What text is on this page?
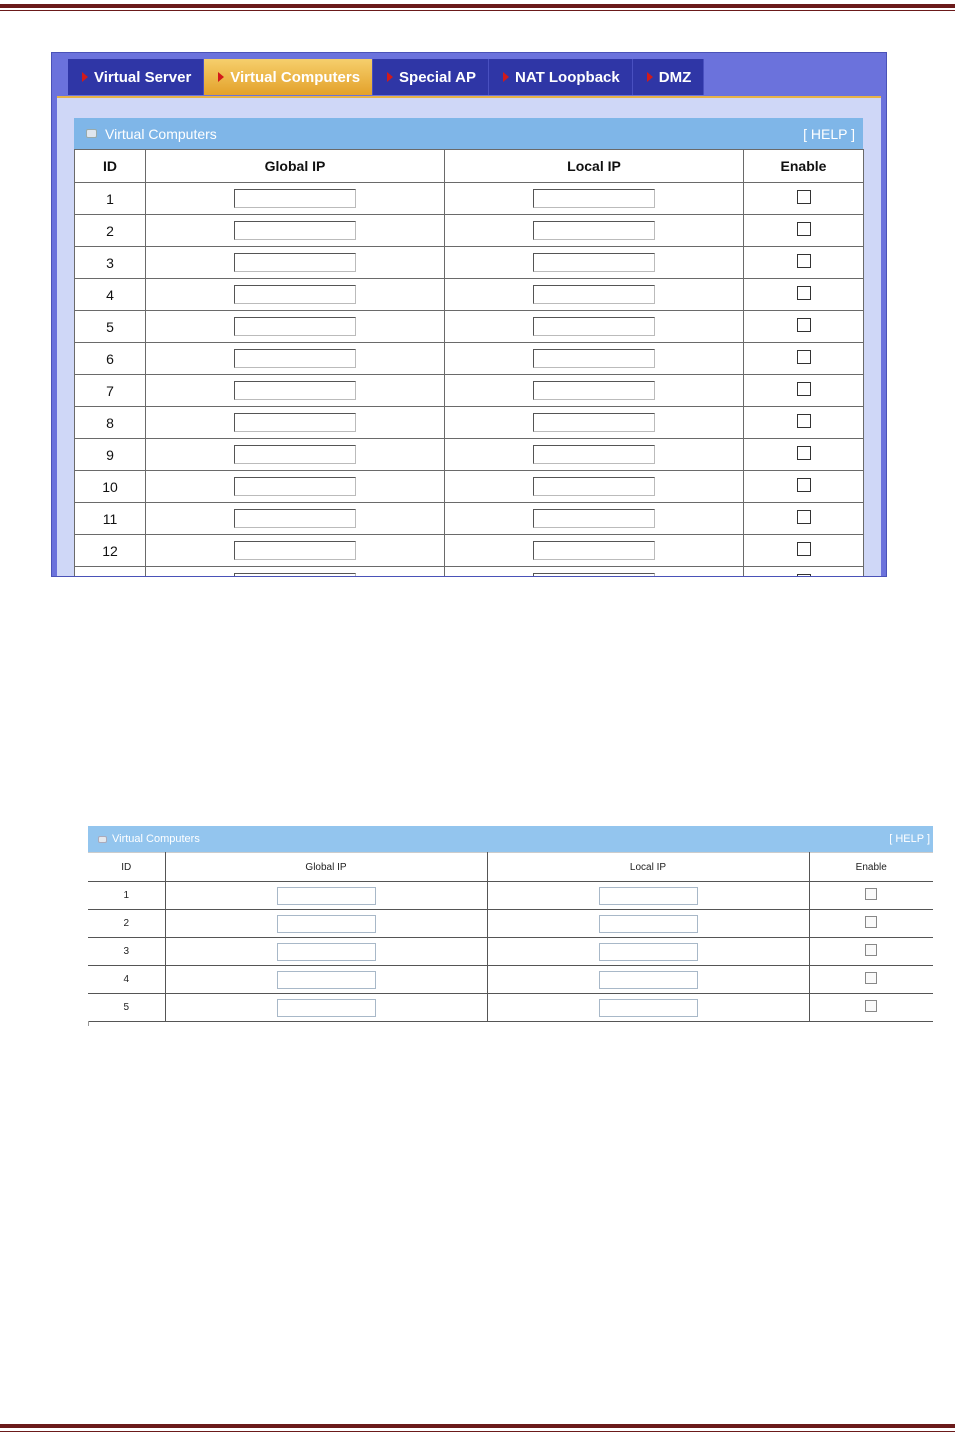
Virtual Server	Virtual Computers	Special AP	NAT Loopback	DMZ
Virtual Computers	[ HELP ]
ID	Global IP	Local IP	Enable
1			
2			
3			
4			
5			
6			
7			
8			
9			
10			
11			
12			

Virtual Computers	[ HELP ]
ID	Global IP	Local IP	Enable
1			
2			
3			
4			
5			
